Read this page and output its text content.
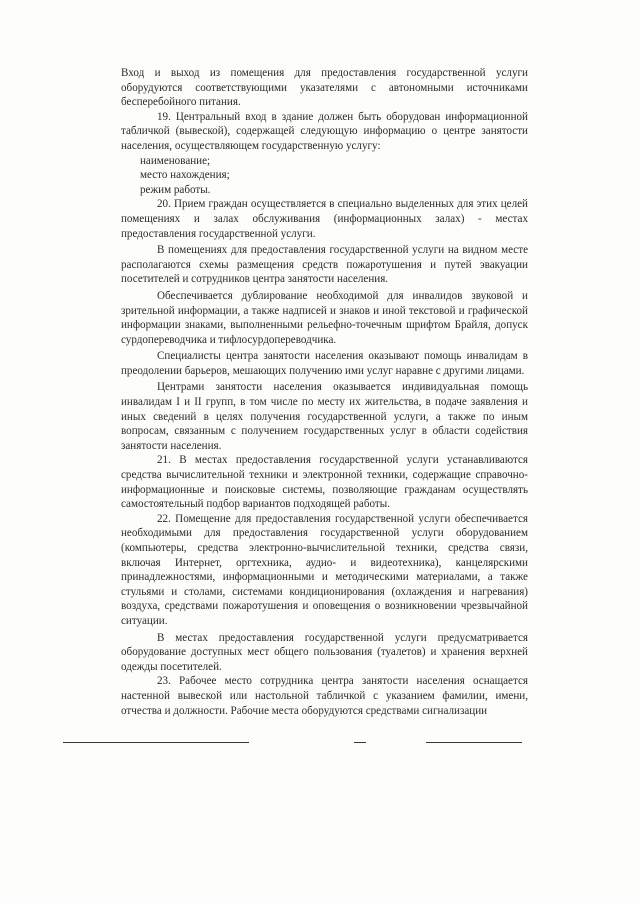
Вход и выход из помещения для предоставления государственной услуги оборудуются соответствующими указателями с автономными источниками бесперебойного питания.

19. Центральный вход в здание должен быть оборудован информационной табличкой (вывеской), содержащей следующую информацию о центре занятости населения, осуществляющем государственную услугу:

наименование;

место нахождения;

режим работы.

20. Прием граждан осуществляется в специально выделенных для этих целей помещениях и залах обслуживания (информационных залах) - местах предоставления государственной услуги.

В помещениях для предоставления государственной услуги на видном месте располагаются схемы размещения средств пожаротушения и путей эвакуации посетителей и сотрудников центра занятости населения.

Обеспечивается дублирование необходимой для инвалидов звуковой и зрительной информации, а также надписей и знаков и иной текстовой и графической информации знаками, выполненными рельефно-точечным шрифтом Брайля, допуск сурдопереводчика и тифлосурдопереводчика.

Специалисты центра занятости населения оказывают помощь инвалидам в преодолении барьеров, мешающих получению ими услуг наравне с другими лицами.

Центрами занятости населения оказывается индивидуальная помощь инвалидам I и II групп, в том числе по месту их жительства, в подаче заявления и иных сведений в целях получения государственной услуги, а также по иным вопросам, связанным с получением государственных услуг в области содействия занятости населения.

21. В местах предоставления государственной услуги устанавливаются средства вычислительной техники и электронной техники, содержащие справочно-информационные и поисковые системы, позволяющие гражданам осуществлять самостоятельный подбор вариантов подходящей работы.

22. Помещение для предоставления государственной услуги обеспечивается необходимыми для предоставления государственной услуги оборудованием (компьютеры, средства электронно-вычислительной техники, средства связи, включая Интернет, оргтехника, аудио- и видеотехника), канцелярскими принадлежностями, информационными и методическими материалами, а также стульями и столами, системами кондиционирования (охлаждения и нагревания) воздуха, средствами пожаротушения и оповещения о возникновении чрезвычайной ситуации.

В местах предоставления государственной услуги предусматривается оборудование доступных мест общего пользования (туалетов) и хранения верхней одежды посетителей.

23. Рабочее место сотрудника центра занятости населения оснащается настенной вывеской или настольной табличкой с указанием фамилии, имени, отчества и должности. Рабочие места оборудуются средствами сигнализации
